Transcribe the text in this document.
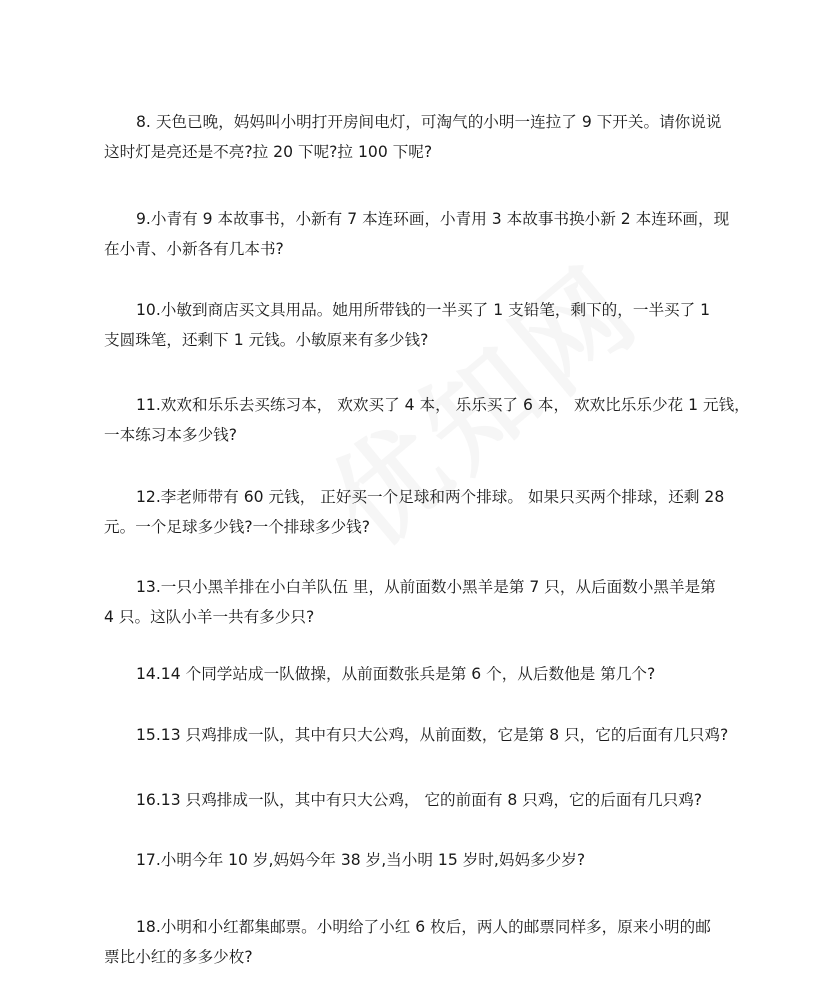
8. 天色已晚，妈妈叫小明打开房间电灯，可淘气的小明一连拉了 9 下开关。请你说说
这时灯是亮还是不亮?拉 20 下呢?拉 100 下呢?
9.小青有 9 本故事书，小新有 7 本连环画，小青用 3 本故事书换小新 2 本连环画，现
在小青、小新各有几本书?
10.小敏到商店买文具用品。她用所带钱的一半买了 1 支铅笔，剩下的，一半买了 1
支圆珠笔，还剩下 1 元钱。小敏原来有多少钱?
11.欢欢和乐乐去买练习本， 欢欢买了 4 本， 乐乐买了 6 本， 欢欢比乐乐少花 1 元钱，
一本练习本多少钱?
12.李老师带有 60 元钱， 正好买一个足球和两个排球。 如果只买两个排球，还剩 28
元。一个足球多少钱?一个排球多少钱?
13.一只小黑羊排在小白羊队伍 里，从前面数小黑羊是第 7 只，从后面数小黑羊是第
4 只。这队小羊一共有多少只?
14.14 个同学站成一队做操，从前面数张兵是第 6 个，从后数他是 第几个?
15.13 只鸡排成一队，其中有只大公鸡，从前面数，它是第 8 只，它的后面有几只鸡?
16.13 只鸡排成一队，其中有只大公鸡， 它的前面有 8 只鸡，它的后面有几只鸡?
17.小明今年 10 岁,妈妈今年 38 岁,当小明 15 岁时,妈妈多少岁?
18.小明和小红都集邮票。小明给了小红 6 枚后，两人的邮票同样多，原来小明的邮
票比小红的多多少枚?
